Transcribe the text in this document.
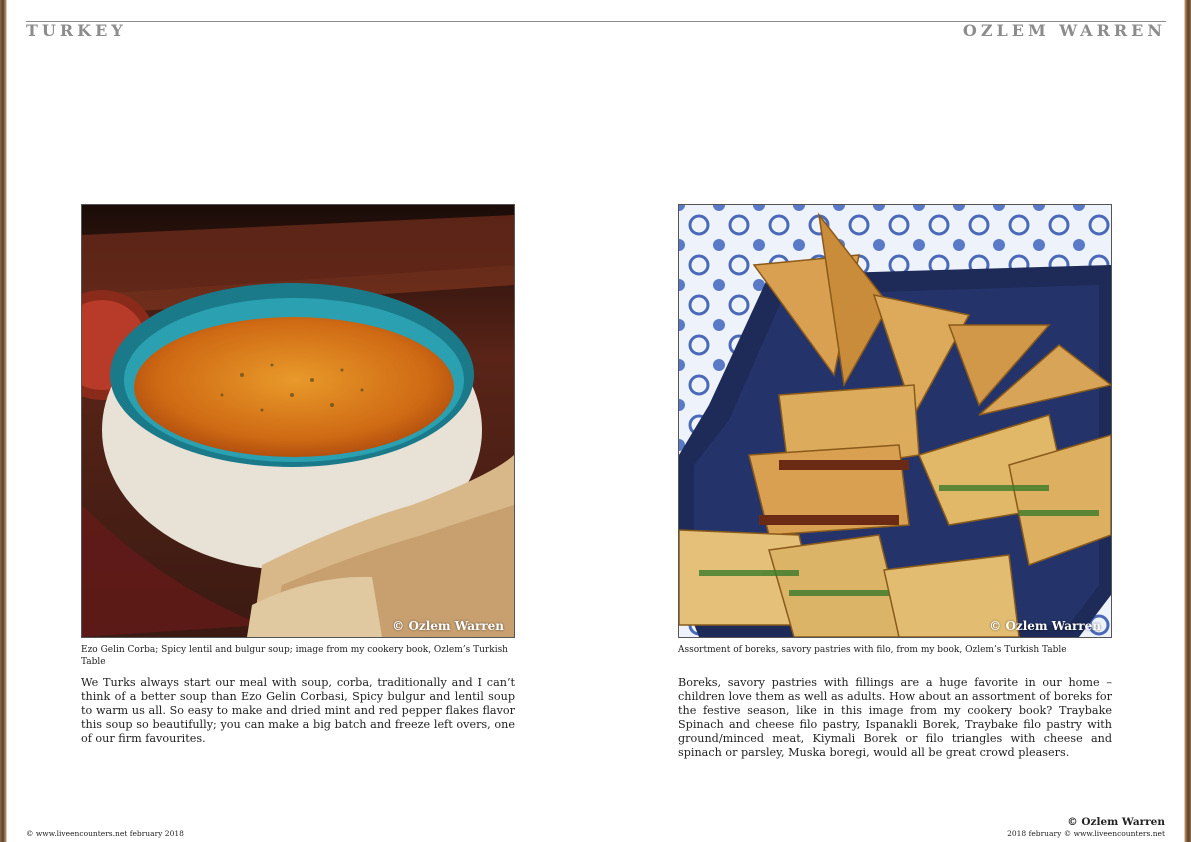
TURKEY	OZLEM WARREN
© Ozlem Warren	© Ozlem Warren
Ezo Gelin Corba; Spicy lentil and bulgur soup; image from my cookery book, Ozlem’s Turkish Table
Assortment of boreks, savory pastries with filo, from my book, Ozlem’s Turkish Table
We Turks always start our meal with soup, corba, traditionally and I can’t think of a better soup than Ezo Gelin Corbasi, Spicy bulgur and lentil soup to warm us all. So easy to make and dried mint and red pepper flakes flavor this soup so beautifully; you can make a big batch and freeze left overs, one of our firm favourites.
Boreks, savory pastries with fillings are a huge favorite in our home – children love them as well as adults. How about an assortment of boreks for the festive season, like in this image from my cookery book? Traybake Spinach and cheese filo pastry, Ispanakli Borek, Traybake filo pastry with ground/minced meat, Kiymali Borek or filo triangles with cheese and spinach or parsley, Muska boregi, would all be great crowd pleasers.
© www.liveencounters.net february 2018
© Ozlem Warren
2018 february © www.liveencounters.net
